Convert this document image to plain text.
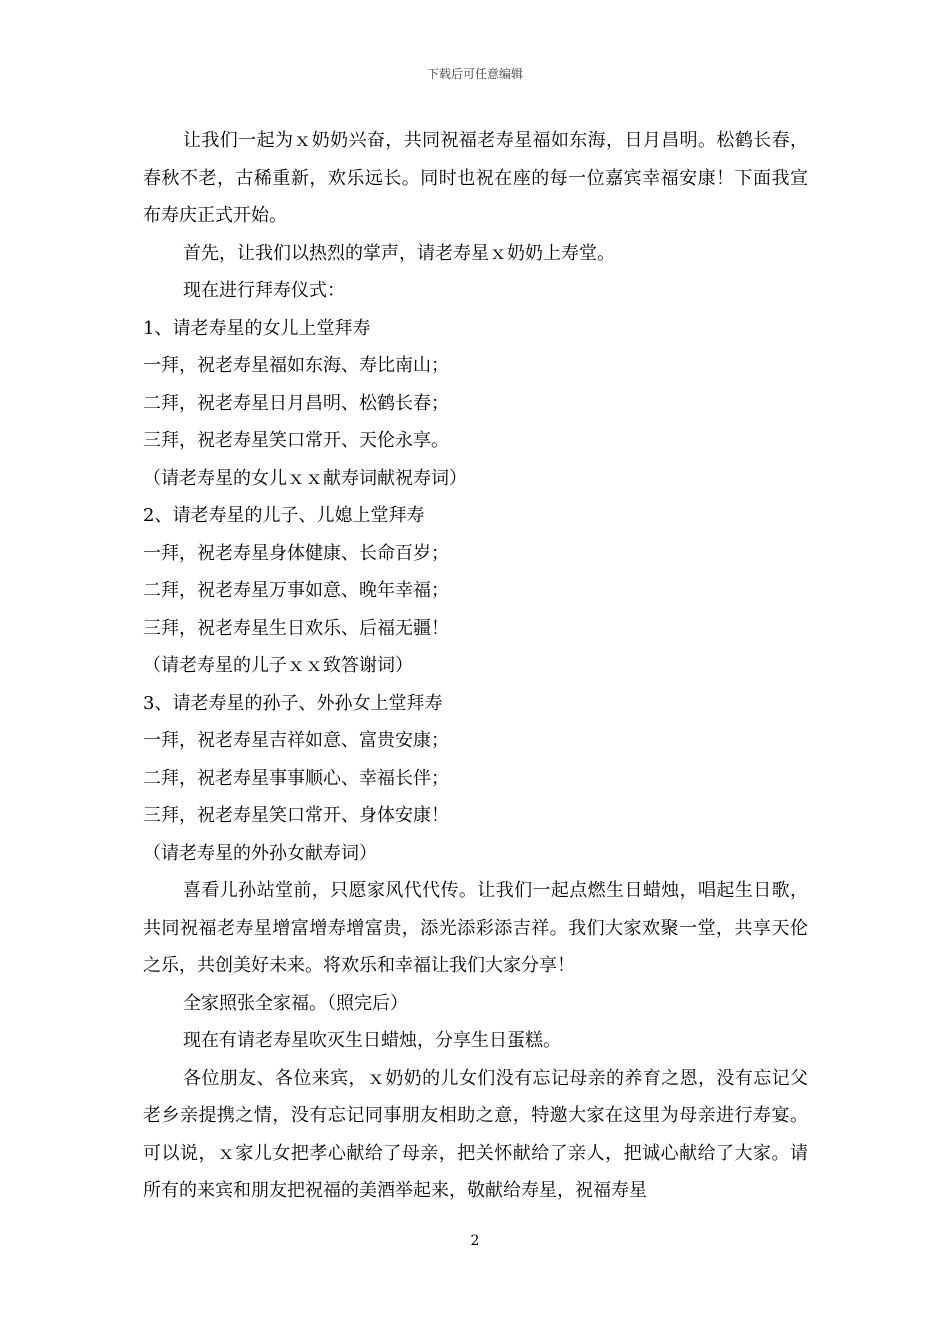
下载后可任意编辑

让我们一起为ｘ奶奶兴奋，共同祝福老寿星福如东海，日月昌明。松鹤长春，春秋不老，古稀重新，欢乐远长。同时也祝在座的每一位嘉宾幸福安康！下面我宣布寿庆正式开始。

首先，让我们以热烈的掌声，请老寿星ｘ奶奶上寿堂。

现在进行拜寿仪式：

1、请老寿星的女儿上堂拜寿

一拜，祝老寿星福如东海、寿比南山；

二拜，祝老寿星日月昌明、松鹤长春；

三拜，祝老寿星笑口常开、天伦永享。

（请老寿星的女儿ｘｘ献寿词献祝寿词）

2、请老寿星的儿子、儿媳上堂拜寿

一拜，祝老寿星身体健康、长命百岁；

二拜，祝老寿星万事如意、晚年幸福；

三拜，祝老寿星生日欢乐、后福无疆！

（请老寿星的儿子ｘｘ致答谢词）

3、请老寿星的孙子、外孙女上堂拜寿

一拜，祝老寿星吉祥如意、富贵安康；

二拜，祝老寿星事事顺心、幸福长伴；

三拜，祝老寿星笑口常开、身体安康！

（请老寿星的外孙女献寿词）

喜看儿孙站堂前，只愿家风代代传。让我们一起点燃生日蜡烛，唱起生日歌，共同祝福老寿星增富增寿增富贵，添光添彩添吉祥。我们大家欢聚一堂，共享天伦之乐，共创美好未来。将欢乐和幸福让我们大家分享！

全家照张全家福。（照完后）

现在有请老寿星吹灭生日蜡烛，分享生日蛋糕。

各位朋友、各位来宾，ｘ奶奶的儿女们没有忘记母亲的养育之恩，没有忘记父老乡亲提携之情，没有忘记同事朋友相助之意，特邀大家在这里为母亲进行寿宴。可以说，ｘ家儿女把孝心献给了母亲，把关怀献给了亲人，把诚心献给了大家。请所有的来宾和朋友把祝福的美酒举起来，敬献给寿星，祝福寿星

2
